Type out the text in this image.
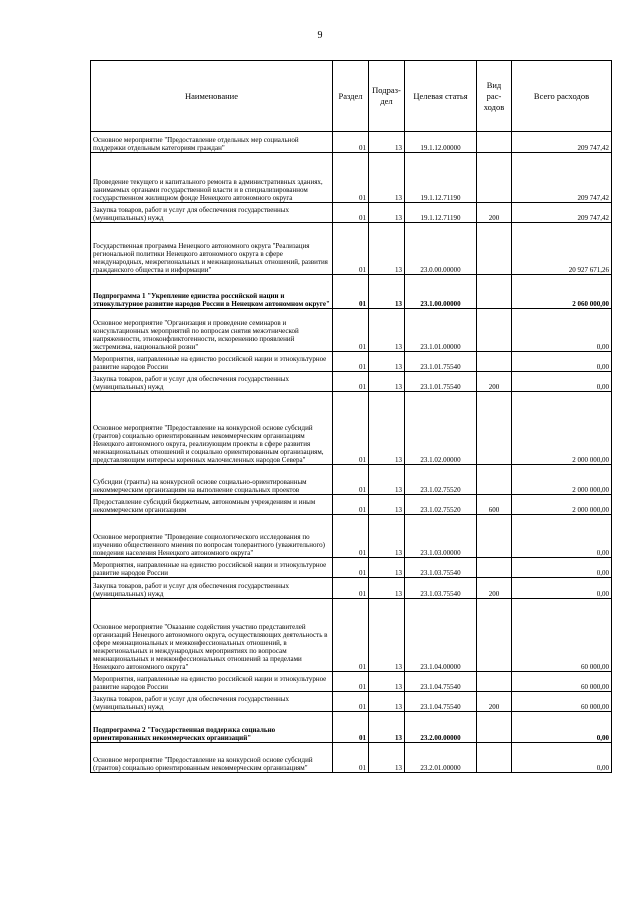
9
Наименование	Раздел	Подраз-дел	Целевая статья	Вид рас-ходов	Всего расходов
Основное мероприятие "Предоставление отдельных мер социальной поддержки отдельным категориям граждан"	01	13	19.1.12.00000		209 747,42
Проведение текущего и капитального ремонта в административных зданиях, занимаемых органами государственной власти и в специализированном государственном жилищном фонде Ненецкого автономного округа	01	13	19.1.12.71190		209 747,42
Закупка товаров, работ и услуг для обеспечения государственных (муниципальных) нужд	01	13	19.1.12.71190	200	209 747,42
Государственная программа Ненецкого автономного округа "Реализация региональной политики Ненецкого автономного округа в сфере международных, межрегиональных и межнациональных отношений, развития гражданского общества и информации"	01	13	23.0.00.00000		20 927 671,26
Подпрограмма 1 "Укрепление единства российской нации и этнокультурное развитие народов России в Ненецком автономном округе"	01	13	23.1.00.00000		2 060 000,00
Основное мероприятие "Организация и проведение семинаров и консультационных мероприятий по вопросам снятия межэтнической напряженности, этноконфликтогенности, искоренению проявлений экстремизма, национальной розни"	01	13	23.1.01.00000		0,00
Мероприятия, направленные на единство российской нации и этнокультурное развитие народов России	01	13	23.1.01.75540		0,00
Закупка товаров, работ и услуг для обеспечения государственных (муниципальных) нужд	01	13	23.1.01.75540	200	0,00
Основное мероприятие "Предоставление на конкурсной основе субсидий (грантов) социально ориентированным некоммерческим организациям Ненецкого автономного округа, реализующим проекты в сфере развития межнациональных отношений и социально ориентированным организациям, представляющим интересы коренных малочисленных народов Севера"	01	13	23.1.02.00000		2 000 000,00
Субсидии (гранты) на конкурсной основе социально-ориентированным некоммерческим организациям на выполнение социальных проектов	01	13	23.1.02.75520		2 000 000,00
Предоставление субсидий бюджетным, автономным учреждениям и иным некоммерческим организациям	01	13	23.1.02.75520	600	2 000 000,00
Основное мероприятие "Проведение социологического исследования по изучению общественного мнения по вопросам толерантного (уважительного) поведения населения Ненецкого автономного округа"	01	13	23.1.03.00000		0,00
Мероприятия, направленные на единство российской нации и этнокультурное развитие народов России	01	13	23.1.03.75540		0,00
Закупка товаров, работ и услуг для обеспечения государственных (муниципальных) нужд	01	13	23.1.03.75540	200	0,00
Основное мероприятие "Оказание содействия участию представителей организаций Ненецкого автономного округа, осуществляющих деятельность в сфере межнациональных и межконфессиональных отношений, в межрегиональных и международных мероприятиях по вопросам межнациональных и межконфессиональных отношений за пределами Ненецкого автономного округа"	01	13	23.1.04.00000		60 000,00
Мероприятия, направленные на единство российской нации и этнокультурное развитие народов России	01	13	23.1.04.75540		60 000,00
Закупка товаров, работ и услуг для обеспечения государственных (муниципальных) нужд	01	13	23.1.04.75540	200	60 000,00
Подпрограмма 2 "Государственная поддержка социально ориентированных некоммерческих организаций"	01	13	23.2.00.00000		0,00
Основное мероприятие "Предоставление на конкурсной основе субсидий (грантов) социально ориентированным некоммерческим организациям"	01	13	23.2.01.00000		0,00
